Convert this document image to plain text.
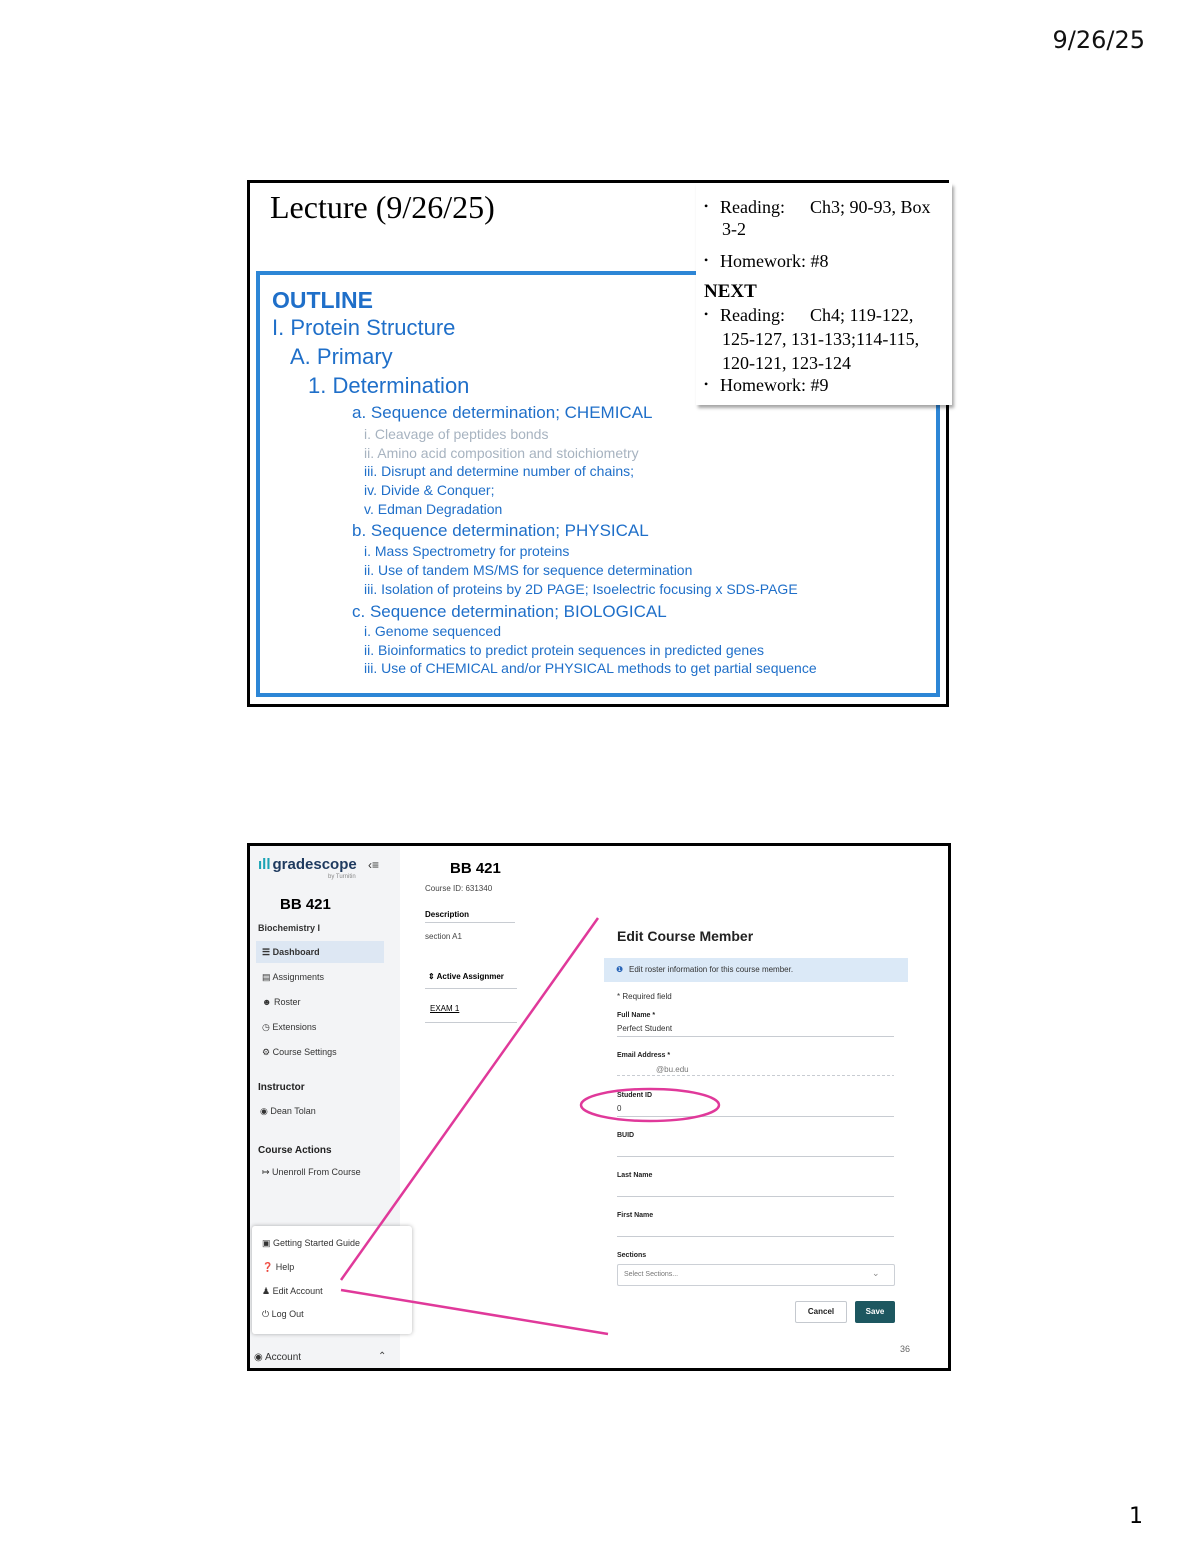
9/26/25
Lecture (9/26/25)
OUTLINE
I. Protein Structure
A. Primary
1. Determination
a. Sequence determination; CHEMICAL
i. Cleavage of peptides bonds
ii. Amino acid composition and stoichiometry
iii. Disrupt and determine number of chains;
iv. Divide & Conquer;
v. Edman Degradation
b. Sequence determination; PHYSICAL
i. Mass Spectrometry for proteins
ii. Use of tandem MS/MS for sequence determination
iii. Isolation of proteins by 2D PAGE; Isoelectric focusing x SDS-PAGE
c. Sequence determination; BIOLOGICAL
i. Genome sequenced
ii. Bioinformatics to predict protein sequences in predicted genes
iii. Use of CHEMICAL and/or PHYSICAL methods to get partial sequence
• Reading: Ch3; 90-93, Box
3-2
• Homework: #8
NEXT
• Reading: Ch4; 119-122,
125-127, 131-133;114-115,
120-121, 123-124
• Homework: #9
ıll gradescope
by Turnitin
‹≡
BB 421
Biochemistry I
☰ Dashboard
▤ Assignments
☻ Roster
◷ Extensions
⚙ Course Settings
Instructor
◉ Dean Tolan
Course Actions
↦ Unenroll From Course
▣ Getting Started Guide
❓ Help
♟ Edit Account
⏻ Log Out
◉ Account	⌃
BB 421
Course ID: 631340
Description
section A1
⇕ Active Assignmer
EXAM 1
Edit Course Member
❶ Edit roster information for this course member.
* Required field
Full Name *
Perfect Student
Email Address *
@bu.edu
Student ID
0
BUID
Last Name
First Name
Sections
Select Sections...	⌄
Cancel	Save
36
1
